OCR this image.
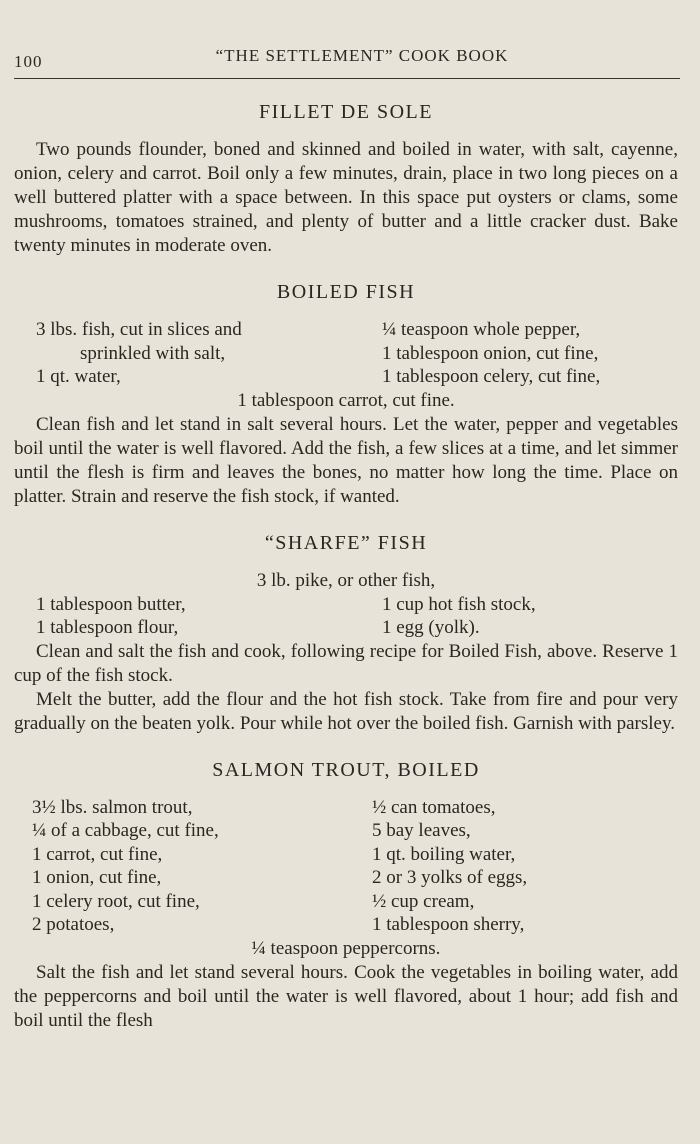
100	“THE SETTLEMENT” COOK BOOK
FILLET DE SOLE

Two pounds flounder, boned and skinned and boiled in water, with salt, cayenne, onion, celery and carrot. Boil only a few minutes, drain, place in two long pieces on a well buttered platter with a space between. In this space put oysters or clams, some mushrooms, tomatoes strained, and plenty of butter and a little cracker dust. Bake twenty minutes in moderate oven.

BOILED FISH
3 lbs. fish, cut in slices and	¼ teaspoon whole pepper,
sprinkled with salt,	1 tablespoon onion, cut fine,
1 qt. water,	1 tablespoon celery, cut fine,
1 tablespoon carrot, cut fine.

Clean fish and let stand in salt several hours. Let the water, pepper and vegetables boil until the water is well flavored. Add the fish, a few slices at a time, and let simmer until the flesh is firm and leaves the bones, no matter how long the time. Place on platter. Strain and reserve the fish stock, if wanted.

“SHARFE” FISH
3 lb. pike, or other fish,
1 tablespoon butter,	1 cup hot fish stock,
1 tablespoon flour,	1 egg (yolk).

Clean and salt the fish and cook, following recipe for Boiled Fish, above. Reserve 1 cup of the fish stock.

Melt the butter, add the flour and the hot fish stock. Take from fire and pour very gradually on the beaten yolk. Pour while hot over the boiled fish. Garnish with parsley.

SALMON TROUT, BOILED
3½ lbs. salmon trout,	½ can tomatoes,
¼ of a cabbage, cut fine,	5 bay leaves,
1 carrot, cut fine,	1 qt. boiling water,
1 onion, cut fine,	2 or 3 yolks of eggs,
1 celery root, cut fine,	½ cup cream,
2 potatoes,	1 tablespoon sherry,
¼ teaspoon peppercorns.

Salt the fish and let stand several hours. Cook the vegetables in boiling water, add the peppercorns and boil until the water is well flavored, about 1 hour; add fish and boil until the flesh
